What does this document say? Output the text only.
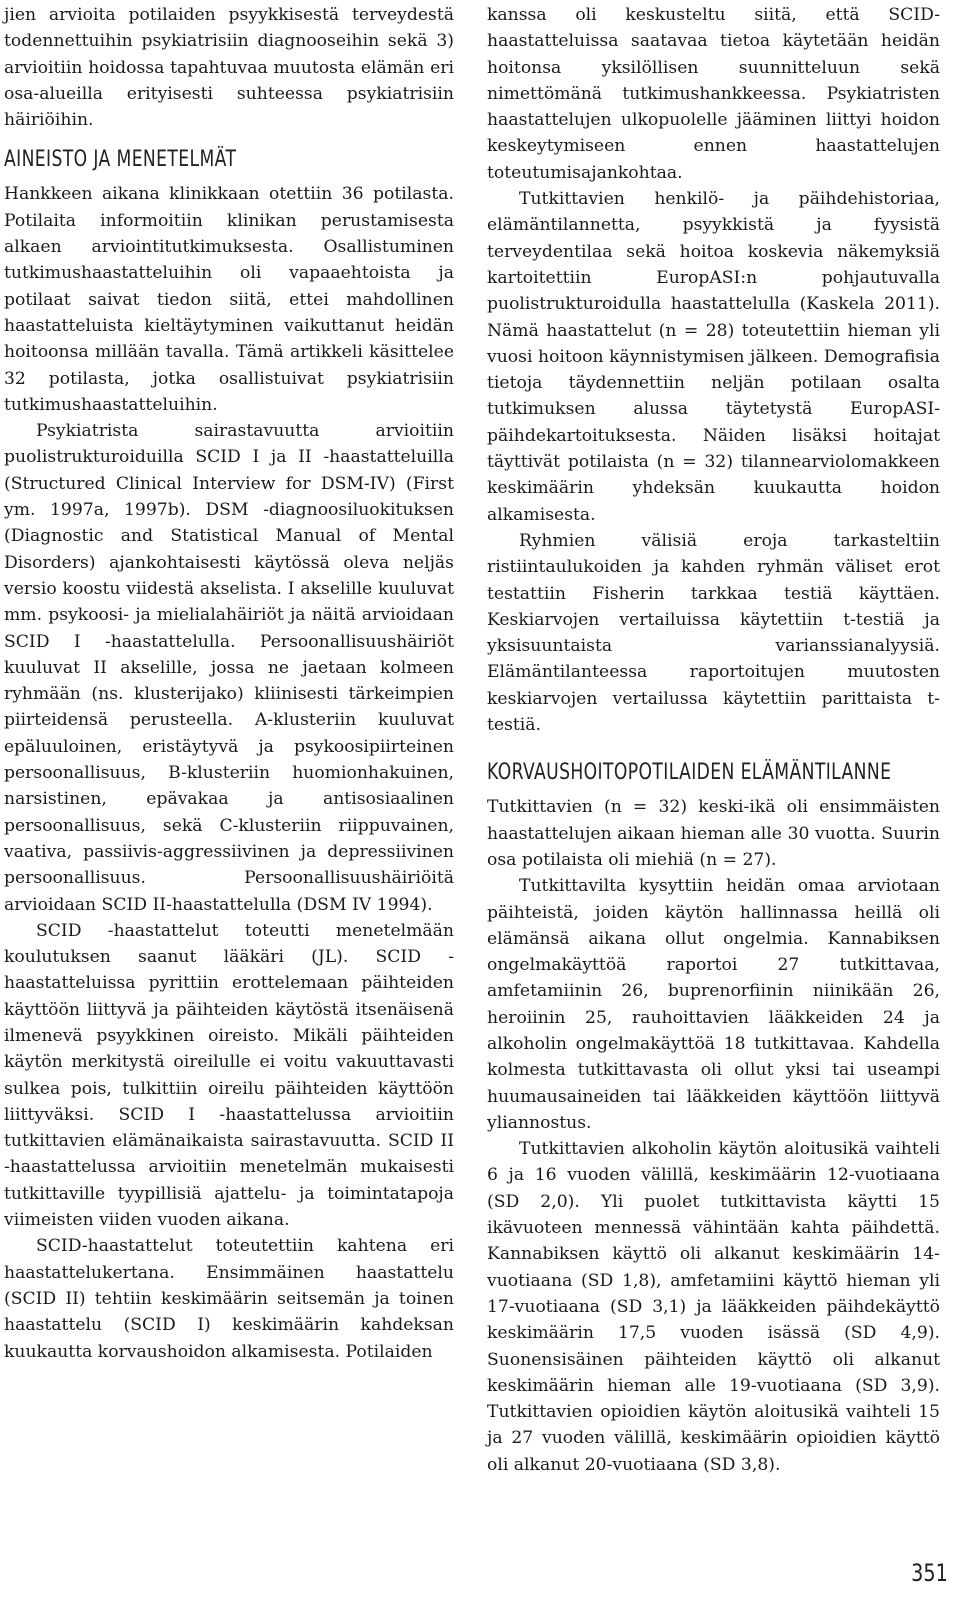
jien arvioita potilaiden psyykkisestä terveydestä todennettuihin psykiatrisiin diagnooseihin sekä 3) arvioitiin hoidossa tapahtuvaa muutosta elämän eri osa-alueilla erityisesti suhteessa psykiatrisiin häiriöihin.

AINEISTO JA MENETELMÄT

Hankkeen aikana klinikkaan otettiin 36 potilasta. Potilaita informoitiin klinikan perustamisesta alkaen arviointitutkimuksesta. Osallistuminen tutkimushaastatteluihin oli vapaaehtoista ja potilaat saivat tiedon siitä, ettei mahdollinen haastatteluista kieltäytyminen vaikuttanut heidän hoitoonsa millään tavalla. Tämä artikkeli käsittelee 32 potilasta, jotka osallistuivat psykiatrisiin tutkimushaastatteluihin.

Psykiatrista sairastavuutta arvioitiin puolistrukturoiduilla SCID I ja II -haastatteluilla (Structured Clinical Interview for DSM-IV) (First ym. 1997a, 1997b). DSM -diagnoosiluokituksen (Diagnostic and Statistical Manual of Mental Disorders) ajankohtaisesti käytössä oleva neljäs versio koostu viidestä akselista. I akselille kuuluvat mm. psykoosi- ja mielialahäiriöt ja näitä arvioidaan SCID I -haastattelulla. Persoonallisuushäiriöt kuuluvat II akselille, jossa ne jaetaan kolmeen ryhmään (ns. klusterijako) kliinisesti tärkeimpien piirteidensä perusteella. A-klusteriin kuuluvat epäluuloinen, eristäytyvä ja psykoosipiirteinen persoonallisuus, B-klusteriin huomionhakuinen, narsistinen, epävakaa ja antisosiaalinen persoonallisuus, sekä C-klusteriin riippuvainen, vaativa, passiivis-aggressiivinen ja depressiivinen persoonallisuus. Persoonallisuushäiriöitä arvioidaan SCID II-haastattelulla (DSM IV 1994).

SCID -haastattelut toteutti menetelmään koulutuksen saanut lääkäri (JL). SCID -haastatteluissa pyrittiin erottelemaan päihteiden käyttöön liittyvä ja päihteiden käytöstä itsenäisenä ilmenevä psyykkinen oireisto. Mikäli päihteiden käytön merkitystä oireilulle ei voitu vakuuttavasti sulkea pois, tulkittiin oireilu päihteiden käyttöön liittyväksi. SCID I -haastattelussa arvioitiin tutkittavien elämänaikaista sairastavuutta. SCID II -haastattelussa arvioitiin menetelmän mukaisesti tutkittaville tyypillisiä ajattelu- ja toimintatapoja viimeisten viiden vuoden aikana.

SCID-haastattelut toteutettiin kahtena eri haastattelukertana. Ensimmäinen haastattelu (SCID II) tehtiin keskimäärin seitsemän ja toinen haastattelu (SCID I) keskimäärin kahdeksan kuukautta korvaushoidon alkamisesta. Potilaiden

kanssa oli keskusteltu siitä, että SCID-haastatteluissa saatavaa tietoa käytetään heidän hoitonsa yksilöllisen suunnitteluun sekä nimettömänä tutkimushankkeessa. Psykiatristen haastattelujen ulkopuolelle jääminen liittyi hoidon keskeytymiseen ennen haastattelujen toteutumisajankohtaa.

Tutkittavien henkilö- ja päihdehistoriaa, elämäntilannetta, psyykkistä ja fyysistä terveydentilaa sekä hoitoa koskevia näkemyksiä kartoitettiin EuropASI:n pohjautuvalla puolistrukturoidulla haastattelulla (Kaskela 2011). Nämä haastattelut (n = 28) toteutettiin hieman yli vuosi hoitoon käynnistymisen jälkeen. Demografisia tietoja täydennettiin neljän potilaan osalta tutkimuksen alussa täytetystä EuropASI-päihdekartoituksesta. Näiden lisäksi hoitajat täyttivät potilaista (n = 32) tilannearviolomakkeen keskimäärin yhdeksän kuukautta hoidon alkamisesta.

Ryhmien välisiä eroja tarkasteltiin ristiintaulukoiden ja kahden ryhmän väliset erot testattiin Fisherin tarkkaa testiä käyttäen. Keskiarvojen vertailuissa käytettiin t-testiä ja yksisuuntaista varianssianalyysiä. Elämäntilanteessa raportoitujen muutosten keskiarvojen vertailussa käytettiin parittaista t-testiä.

KORVAUSHOITOPOTILAIDEN ELÄMÄNTILANNE

Tutkittavien (n = 32) keski-ikä oli ensimmäisten haastattelujen aikaan hieman alle 30 vuotta. Suurin osa potilaista oli miehiä (n = 27).

Tutkittavilta kysyttiin heidän omaa arviotaan päihteistä, joiden käytön hallinnassa heillä oli elämänsä aikana ollut ongelmia. Kannabiksen ongelmakäyttöä raportoi 27 tutkittavaa, amfetamiinin 26, buprenorfiinin niinikään 26, heroiinin 25, rauhoittavien lääkkeiden 24 ja alkoholin ongelmakäyttöä 18 tutkittavaa. Kahdella kolmesta tutkittavasta oli ollut yksi tai useampi huumausaineiden tai lääkkeiden käyttöön liittyvä yliannostus.

Tutkittavien alkoholin käytön aloitusikä vaihteli 6 ja 16 vuoden välillä, keskimäärin 12-vuotiaana (SD 2,0). Yli puolet tutkittavista käytti 15 ikävuoteen mennessä vähintään kahta päihdettä. Kannabiksen käyttö oli alkanut keskimäärin 14-vuotiaana (SD 1,8), amfetamiini käyttö hieman yli 17-vuotiaana (SD 3,1) ja lääkkeiden päihdekäyttö keskimäärin 17,5 vuoden isässä (SD 4,9). Suonensisäinen päihteiden käyttö oli alkanut keskimäärin hieman alle 19-vuotiaana (SD 3,9). Tutkittavien opioidien käytön aloitusikä vaihteli 15 ja 27 vuoden välillä, keskimäärin opioidien käyttö oli alkanut 20-vuotiaana (SD 3,8).

351
